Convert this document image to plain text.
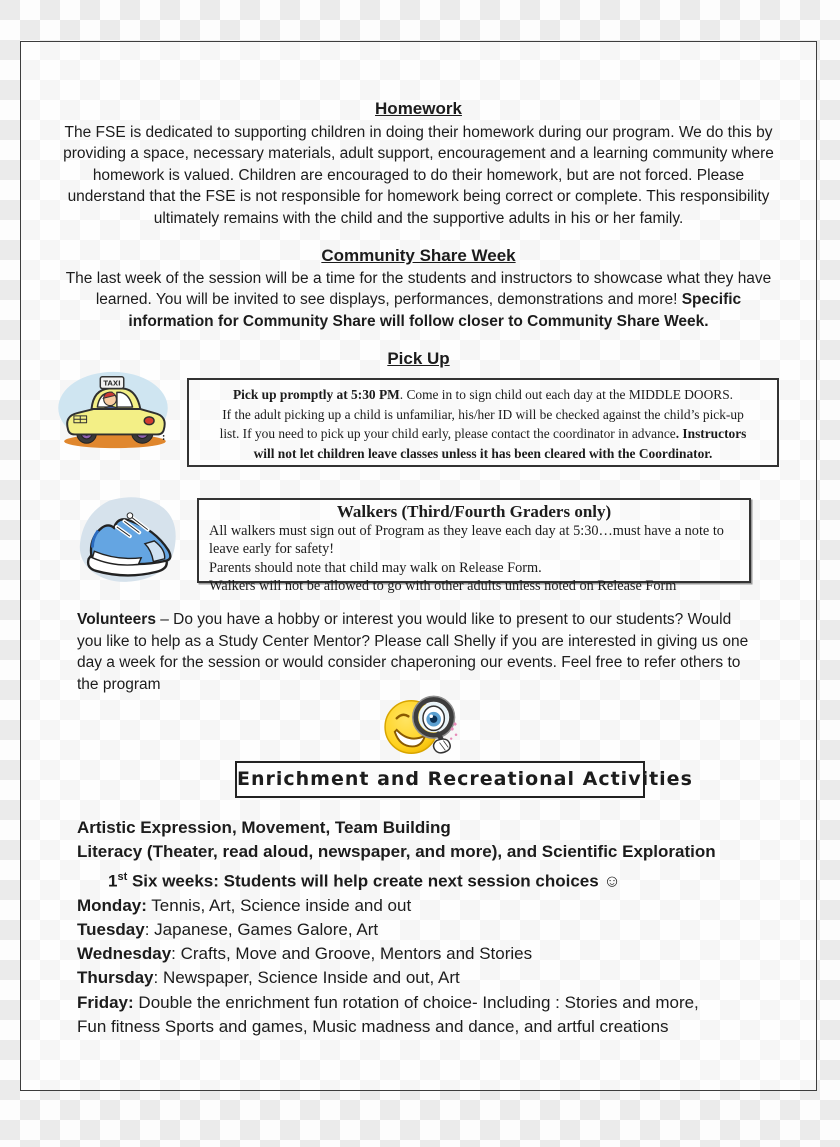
Homework
The FSE is dedicated to supporting children in doing their homework during our program. We do this by
providing a space, necessary materials, adult support, encouragement and a learning community where
homework is valued. Children are encouraged to do their homework, but are not forced. Please
understand that the FSE is not responsible for homework being correct or complete. This responsibility
ultimately remains with the child and the supportive adults in his or her family.
Community Share Week
The last week of the session will be a time for the students and instructors to showcase what they have
learned. You will be invited to see displays, performances, demonstrations and more! Specific
information for Community Share will follow closer to Community Share Week.
Pick Up
TAXI
:
Pick up promptly at 5:30 PM. Come in to sign child out each day at the MIDDLE DOORS.
If the adult picking up a child is unfamiliar, his/her ID will be checked against the child’s pick-up
list. If you need to pick up your child early, please contact the coordinator in advance. Instructors
will not let children leave classes unless it has been cleared with the Coordinator.
Walkers (Third/Fourth Graders only)
All walkers must sign out of Program as they leave each day at 5:30…must have a note to
leave early for safety!
Parents should note that child may walk on Release Form.
Walkers will not be allowed to go with other adults unless noted on Release Form
Volunteers – Do you have a hobby or interest you would like to present to our students? Would
you like to help as a Study Center Mentor? Please call Shelly if you are interested in giving us one
day a week for the session or would consider chaperoning our events. Feel free to refer others to
the program
Enrichment and Recreational Activities
Artistic Expression, Movement, Team Building
Literacy (Theater, read aloud, newspaper, and more), and Scientific Exploration
1st Six weeks: Students will help create next session choices ☺
Monday: Tennis, Art, Science inside and out
Tuesday: Japanese, Games Galore, Art
Wednesday: Crafts, Move and Groove, Mentors and Stories
Thursday: Newspaper, Science Inside and out, Art
Friday: Double the enrichment fun rotation of choice- Including : Stories and more,
Fun fitness Sports and games, Music madness and dance, and artful creations
